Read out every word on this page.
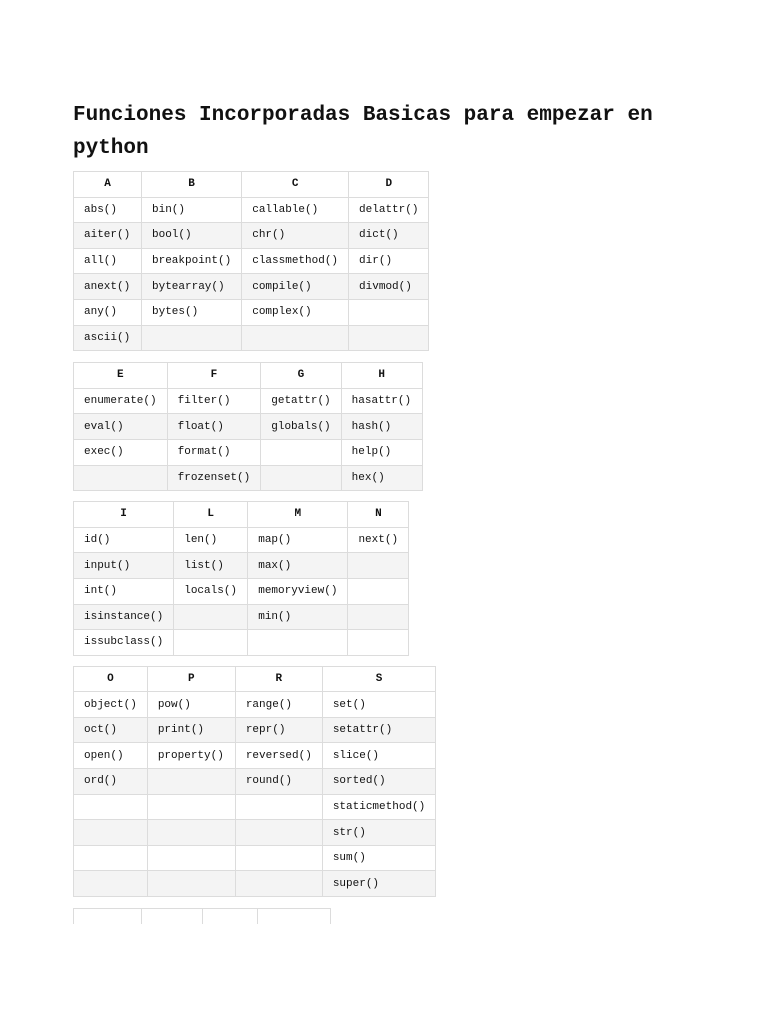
Funciones Incorporadas Basicas para empezar en python
A	B	C	D
abs()	bin()	callable()	delattr()
aiter()	bool()	chr()	dict()
all()	breakpoint()	classmethod()	dir()
anext()	bytearray()	compile()	divmod()
any()	bytes()	complex()	
ascii()			
E	F	G	H
enumerate()	filter()	getattr()	hasattr()
eval()	float()	globals()	hash()
exec()	format()		help()
	frozenset()		hex()
I	L	M	N
id()	len()	map()	next()
input()	list()	max()	
int()	locals()	memoryview()	
isinstance()		min()	
issubclass()			
O	P	R	S
object()	pow()	range()	set()
oct()	print()	repr()	setattr()
open()	property()	reversed()	slice()
ord()		round()	sorted()
			staticmethod()
			str()
			sum()
			super()
